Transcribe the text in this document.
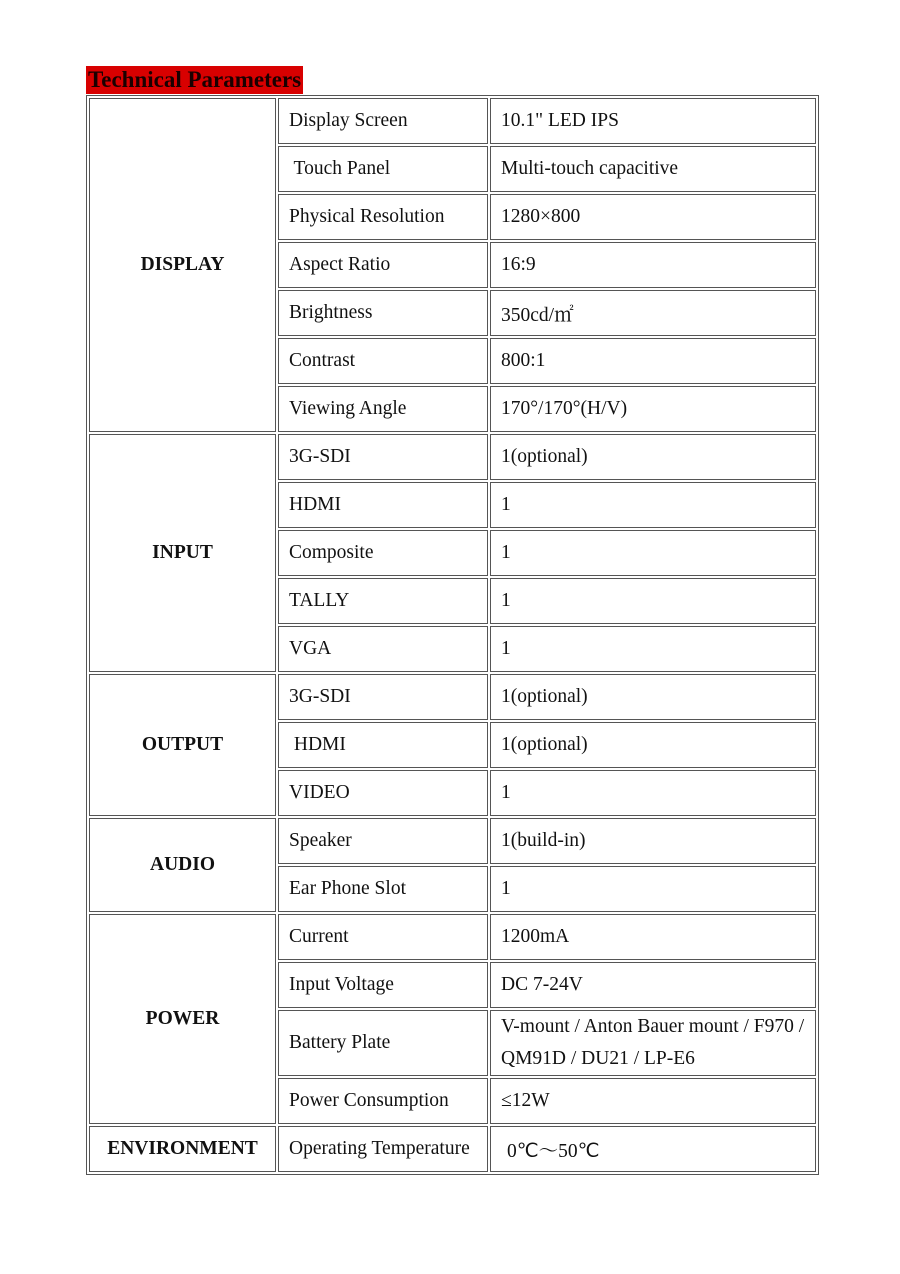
Technical Parameters
DISPLAY	Display Screen	10.1" LED IPS
	Touch Panel	Multi-touch capacitive
	Physical Resolution	1280×800
	Aspect Ratio	16:9
	Brightness	350cd/㎡
	Contrast	800:1
	Viewing Angle	170°/170°(H/V)
INPUT	3G-SDI	1(optional)
	HDMI	1
	Composite	1
	TALLY	1
	VGA	1
OUTPUT	3G-SDI	1(optional)
	HDMI	1(optional)
	VIDEO	1
AUDIO	Speaker	1(build-in)
	Ear Phone Slot	1
POWER	Current	1200mA
	Input Voltage	DC 7-24V
	Battery Plate	V-mount / Anton Bauer mount / F970 / QM91D / DU21 / LP-E6
	Power Consumption	≤12W
ENVIRONMENT	Operating Temperature	0℃～50℃
